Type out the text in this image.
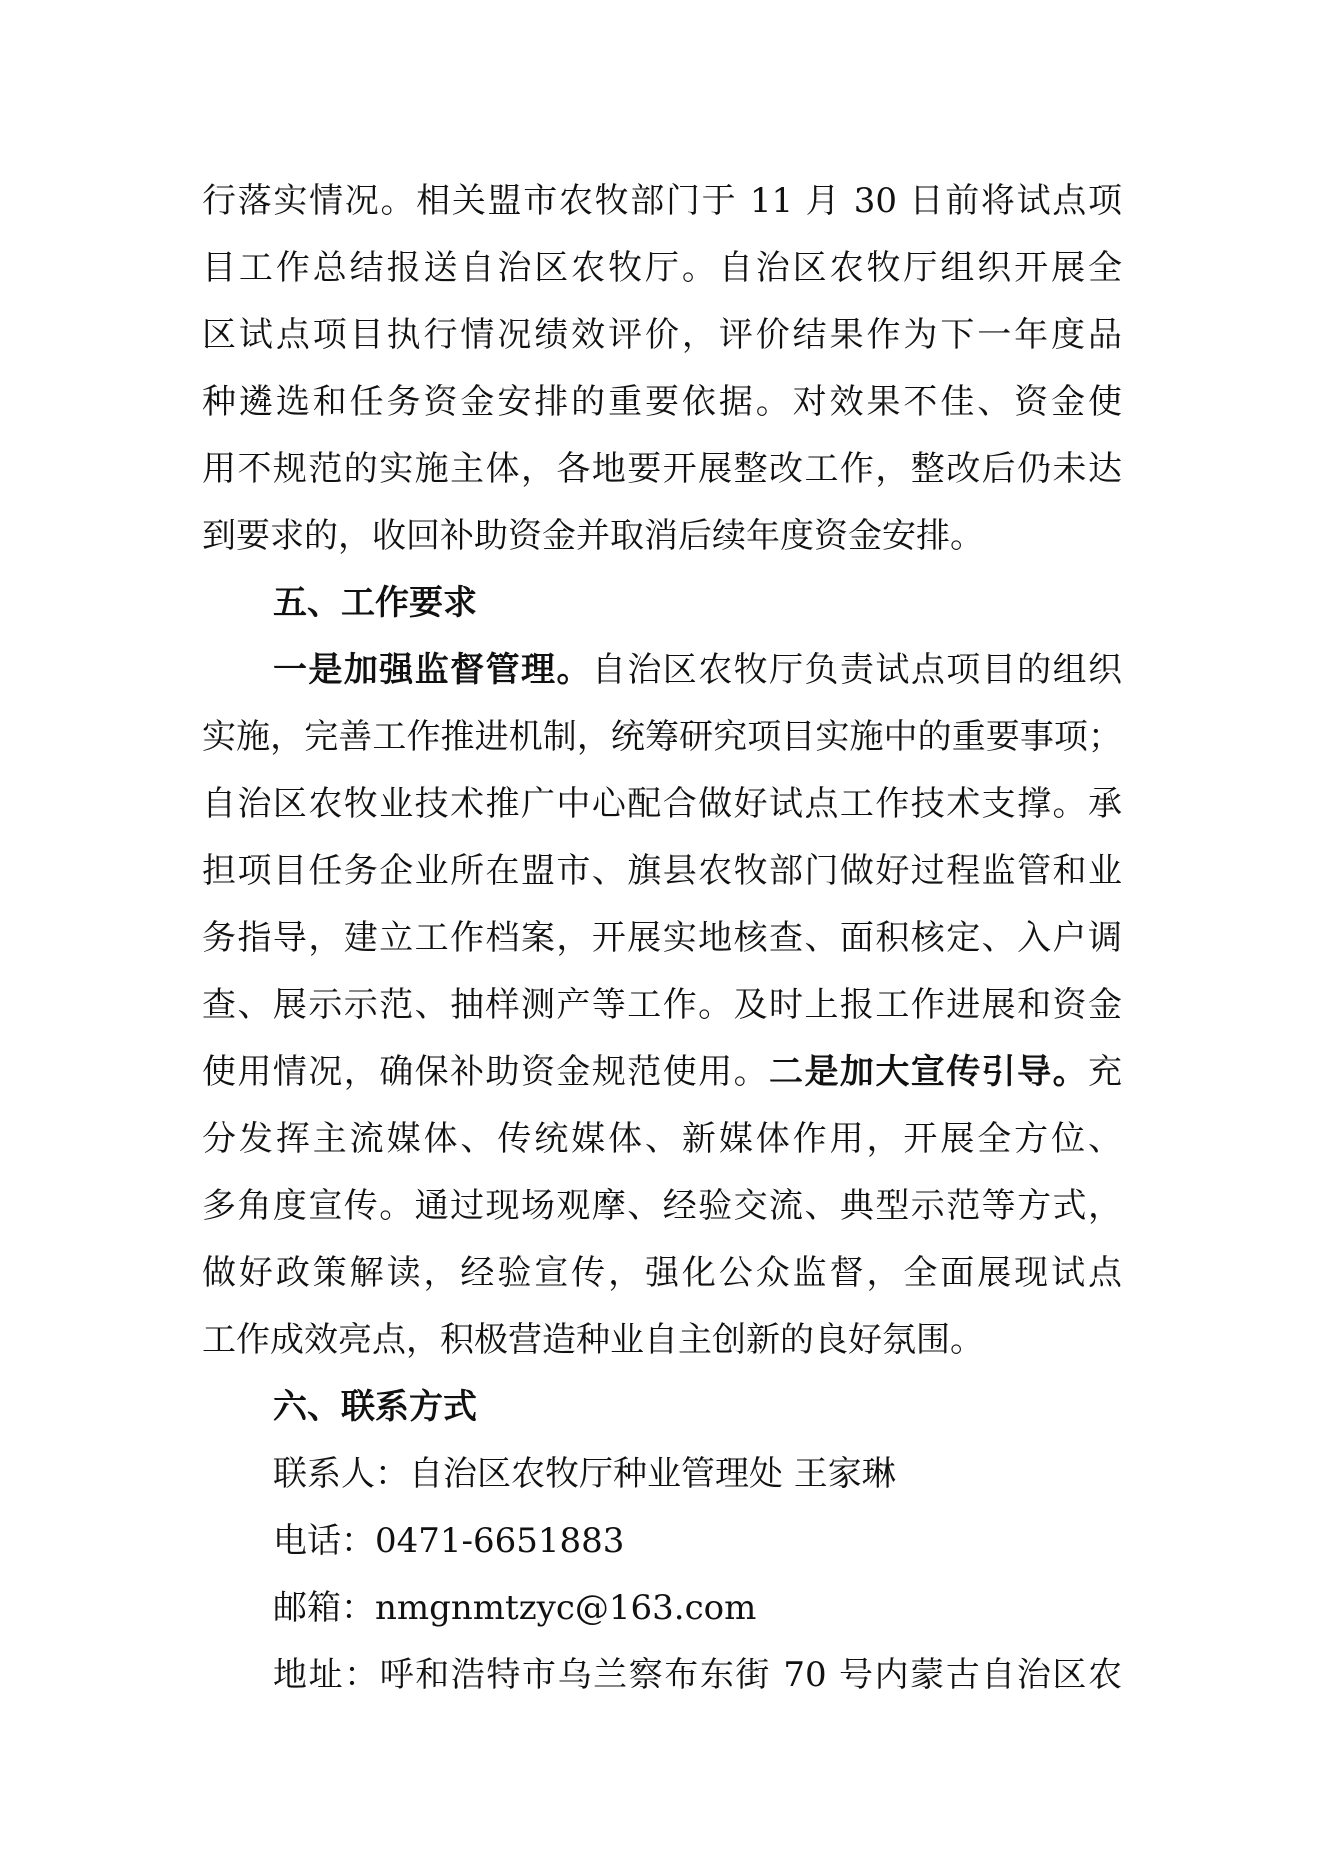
行落实情况。相关盟市农牧部门于 11 月 30 日前将试点项
目工作总结报送自治区农牧厅。自治区农牧厅组织开展全
区试点项目执行情况绩效评价，评价结果作为下一年度品
种遴选和任务资金安排的重要依据。对效果不佳、资金使
用不规范的实施主体，各地要开展整改工作，整改后仍未达
到要求的，收回补助资金并取消后续年度资金安排。
五、工作要求
一是加强监督管理。自治区农牧厅负责试点项目的组织
实施，完善工作推进机制，统筹研究项目实施中的重要事项；
自治区农牧业技术推广中心配合做好试点工作技术支撑。承
担项目任务企业所在盟市、旗县农牧部门做好过程监管和业
务指导，建立工作档案，开展实地核查、面积核定、入户调
查、展示示范、抽样测产等工作。及时上报工作进展和资金
使用情况，确保补助资金规范使用。二是加大宣传引导。充
分发挥主流媒体、传统媒体、新媒体作用，开展全方位、
多角度宣传。通过现场观摩、经验交流、典型示范等方式，
做好政策解读，经验宣传，强化公众监督，全面展现试点
工作成效亮点，积极营造种业自主创新的良好氛围。
六、联系方式
联系人：自治区农牧厅种业管理处 王家琳
电话：0471-6651883
邮箱：nmgnmtzyc@163.com
地址：呼和浩特市乌兰察布东街 70 号内蒙古自治区农
